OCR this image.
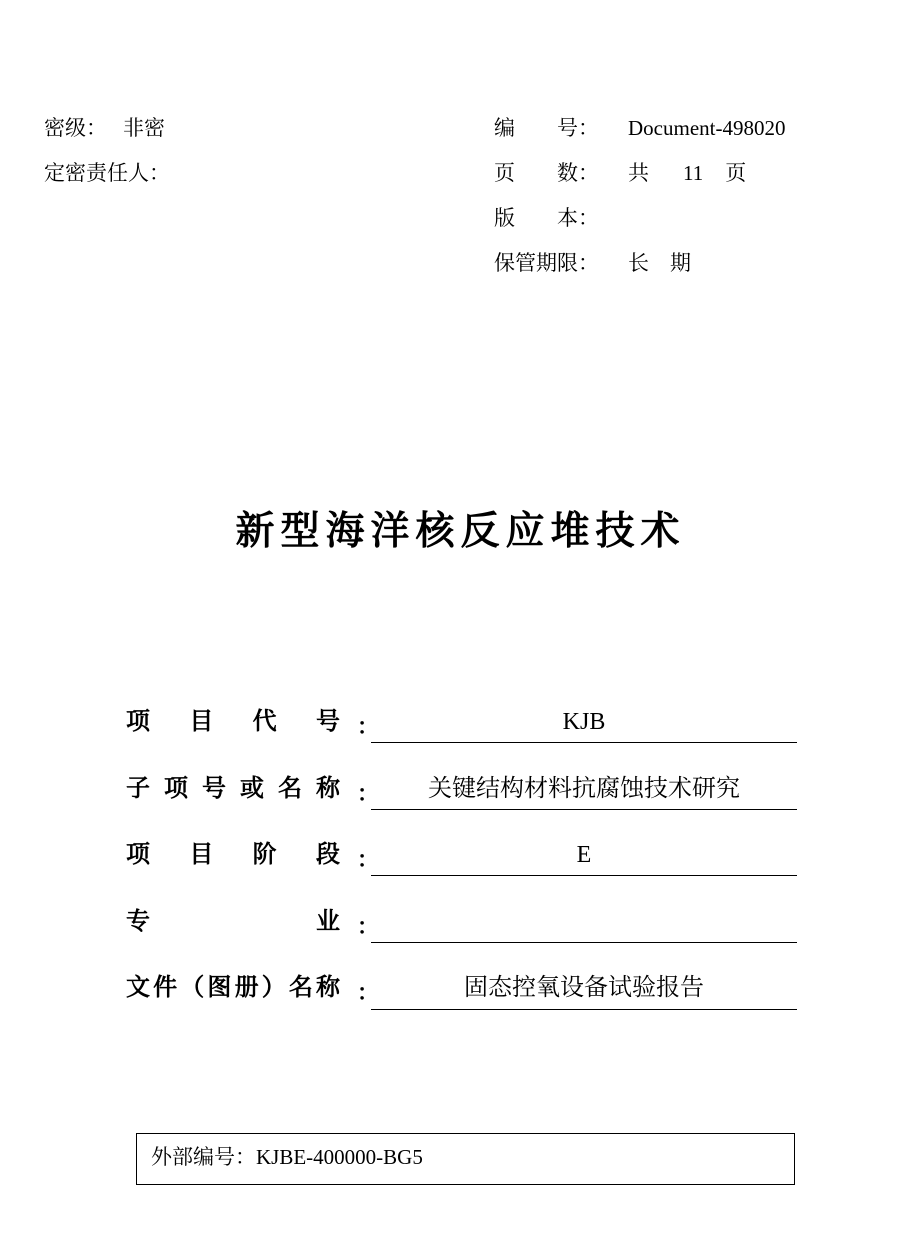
密级： 非密
定密责任人：
编　　号： Document-498020
页　　数： 共 11 页
版　　本：
保管期限： 长　期
新型海洋核反应堆技术
项目代号 ：	KJB
子项号或名称 ：	关键结构材料抗腐蚀技术研究
项目阶段 ：	E
专业 ：
文件（图册）名称 ：	固态控氧设备试验报告
外部编号：KJBE-400000-BG5
